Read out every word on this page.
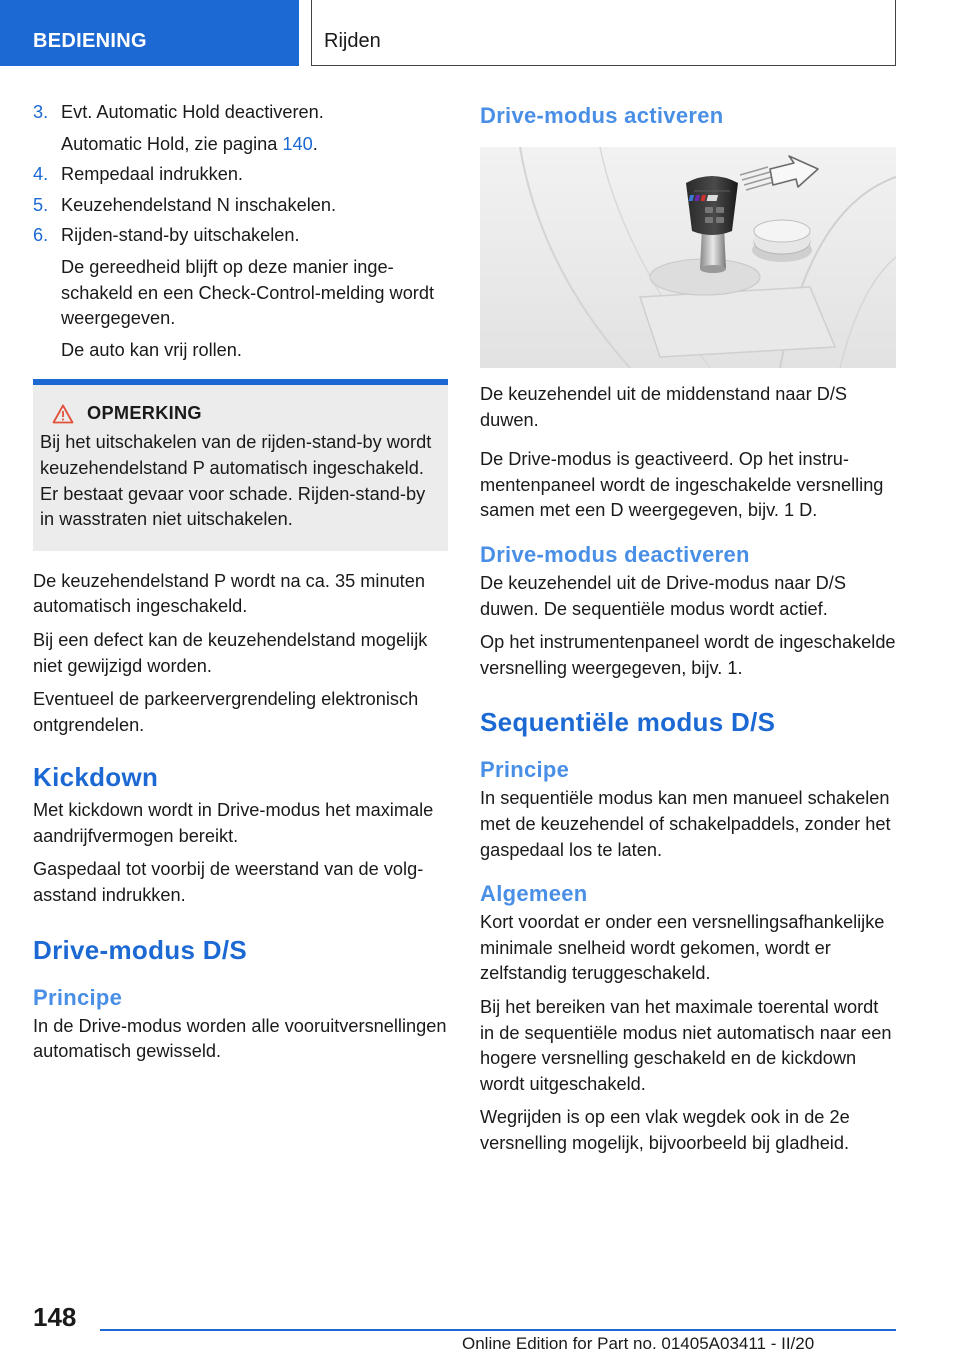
BEDIENING	Rijden
3. Evt. Automatic Hold deactiveren.
Automatic Hold, zie pagina 140.
4. Rempedaal indrukken.
5. Keuzehendelstand N inschakelen.
6. Rijden-stand-by uitschakelen.
De gereedheid blijft op deze manier ingeschakeld en een Check-Control-melding wordt weergegeven.
De auto kan vrij rollen.
OPMERKING
Bij het uitschakelen van de rijden-stand-by wordt keuzehendelstand P automatisch ingeschakeld. Er bestaat gevaar voor schade. Rijden-stand-by in wasstraten niet uitschakelen.

De keuzehendelstand P wordt na ca. 35 minuten automatisch ingeschakeld.

Bij een defect kan de keuzehendelstand mogelijk niet gewijzigd worden.

Eventueel de parkeervergrendeling elektronisch ontgrendelen.

Kickdown

Met kickdown wordt in Drive-modus het maximale aandrijfvermogen bereikt.

Gaspedaal tot voorbij de weerstand van de volgasstand indrukken.

Drive-modus D/S
Principe

In de Drive-modus worden alle vooruitversnellingen automatisch gewisseld.

Drive-modus activeren

De keuzehendel uit de middenstand naar D/S duwen.

De Drive-modus is geactiveerd. Op het instrumentenpaneel wordt de ingeschakelde versnelling samen met een D weergegeven, bijv. 1 D.

Drive-modus deactiveren

De keuzehendel uit de Drive-modus naar D/S duwen. De sequentiële modus wordt actief.

Op het instrumentenpaneel wordt de ingeschakelde versnelling weergegeven, bijv. 1.

Sequentiële modus D/S
Principe

In sequentiële modus kan men manueel schakelen met de keuzehendel of schakelpaddels, zonder het gaspedaal los te laten.

Algemeen

Kort voordat er onder een versnellingsafhankelijke minimale snelheid wordt gekomen, wordt er zelfstandig teruggeschakeld.

Bij het bereiken van het maximale toerental wordt in de sequentiële modus niet automatisch naar een hogere versnelling geschakeld en de kickdown wordt uitgeschakeld.

Wegrijden is op een vlak wegdek ook in de 2e versnelling mogelijk, bijvoorbeeld bij gladheid.

148
Online Edition for Part no. 01405A03411 - II/20
